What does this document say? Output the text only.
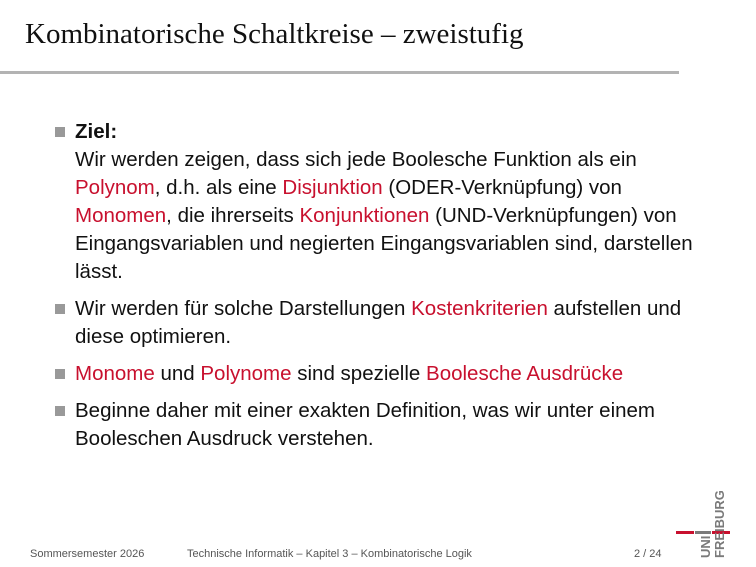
Kombinatorische Schaltkreise – zweistufig
Ziel:
Wir werden zeigen, dass sich jede Boolesche Funktion als ein Polynom, d.h. als eine Disjunktion (ODER-Verknüpfung) von Monomen, die ihrerseits Konjunktionen (UND-Verknüpfungen) von Eingangsvariablen und negierten Eingangsvariablen sind, darstellen lässt.
Wir werden für solche Darstellungen Kostenkriterien aufstellen und diese optimieren.
Monome und Polynome sind spezielle Boolesche Ausdrücke
Beginne daher mit einer exakten Definition, was wir unter einem Booleschen Ausdruck verstehen.
Sommersemester 2026	Technische Informatik – Kapitel 3 – Kombinatorische Logik	2 / 24	UNI FREIBURG
